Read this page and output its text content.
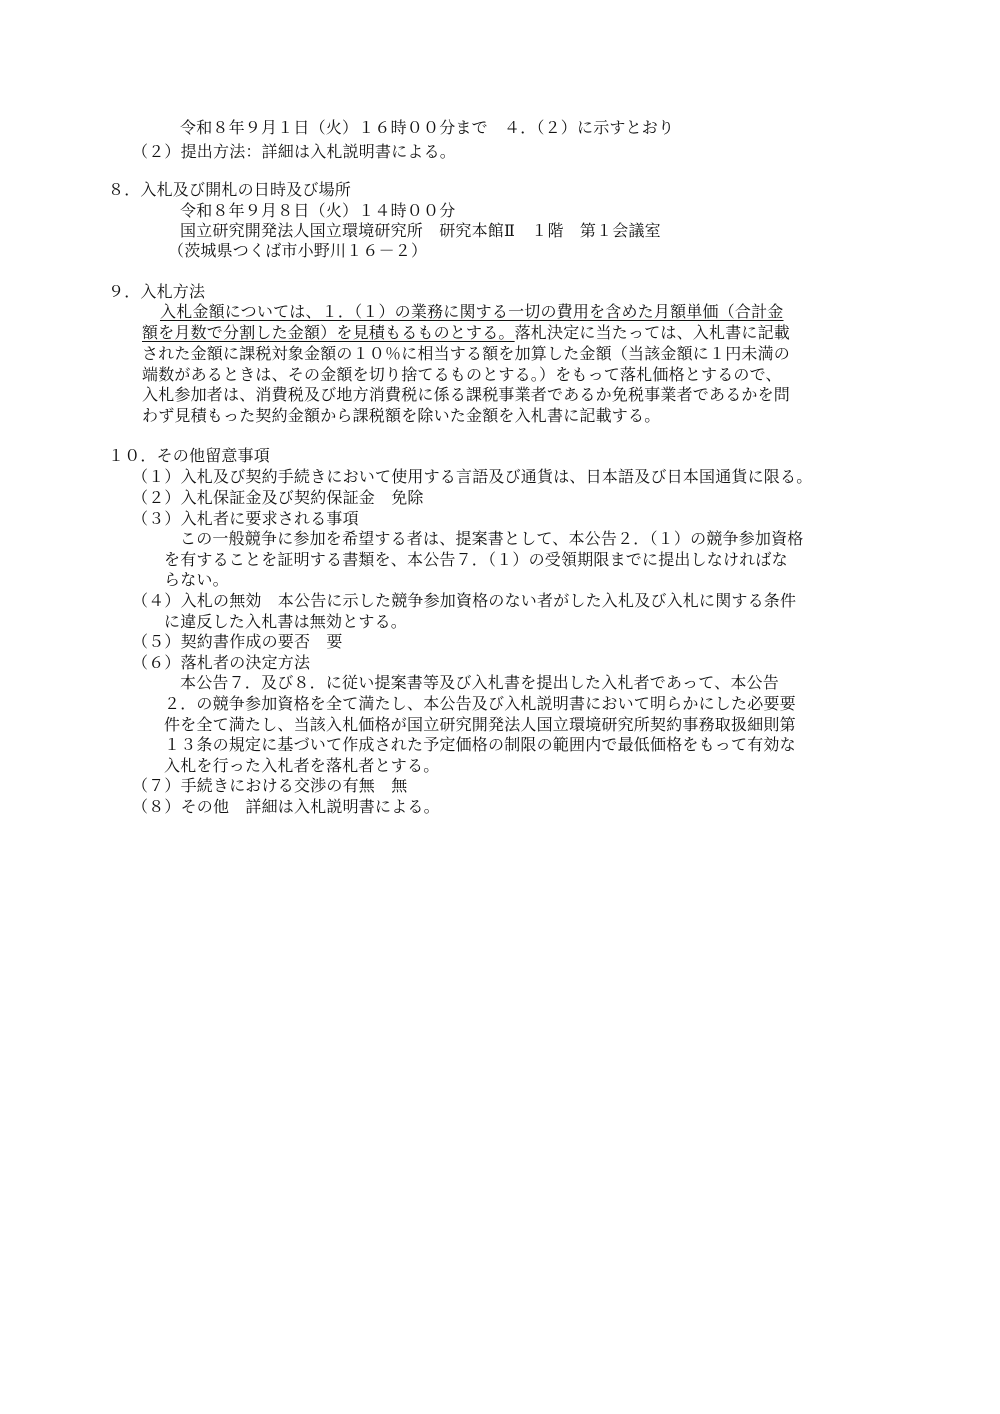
令和８年９月１日（火）１６時００分まで　４．（２）に示すとおり
（２）提出方法：詳細は入札説明書による。
８．入札及び開札の日時及び場所
令和８年９月８日（火）１４時００分
国立研究開発法人国立環境研究所　研究本館Ⅱ　１階　第１会議室
（茨城県つくば市小野川１６－２）
９．入札方法
入札金額については、１．（１）の業務に関する一切の費用を含めた月額単価（合計金
額を月数で分割した金額）を見積もるものとする。落札決定に当たっては、入札書に記載
された金額に課税対象金額の１０％に相当する額を加算した金額（当該金額に１円未満の
端数があるときは、その金額を切り捨てるものとする。）をもって落札価格とするので、
入札参加者は、消費税及び地方消費税に係る課税事業者であるか免税事業者であるかを問
わず見積もった契約金額から課税額を除いた金額を入札書に記載する。
１０．その他留意事項
（１）入札及び契約手続きにおいて使用する言語及び通貨は、日本語及び日本国通貨に限る。
（２）入札保証金及び契約保証金　免除
（３）入札者に要求される事項
この一般競争に参加を希望する者は、提案書として、本公告２．（１）の競争参加資格
を有することを証明する書類を、本公告７．（１）の受領期限までに提出しなければな
らない。
（４）入札の無効　本公告に示した競争参加資格のない者がした入札及び入札に関する条件
に違反した入札書は無効とする。
（５）契約書作成の要否　要
（６）落札者の決定方法
本公告７．及び８．に従い提案書等及び入札書を提出した入札者であって、本公告
２．の競争参加資格を全て満たし、本公告及び入札説明書において明らかにした必要要
件を全て満たし、当該入札価格が国立研究開発法人国立環境研究所契約事務取扱細則第
１３条の規定に基づいて作成された予定価格の制限の範囲内で最低価格をもって有効な
入札を行った入札者を落札者とする。
（７）手続きにおける交渉の有無　無
（８）その他　詳細は入札説明書による。
